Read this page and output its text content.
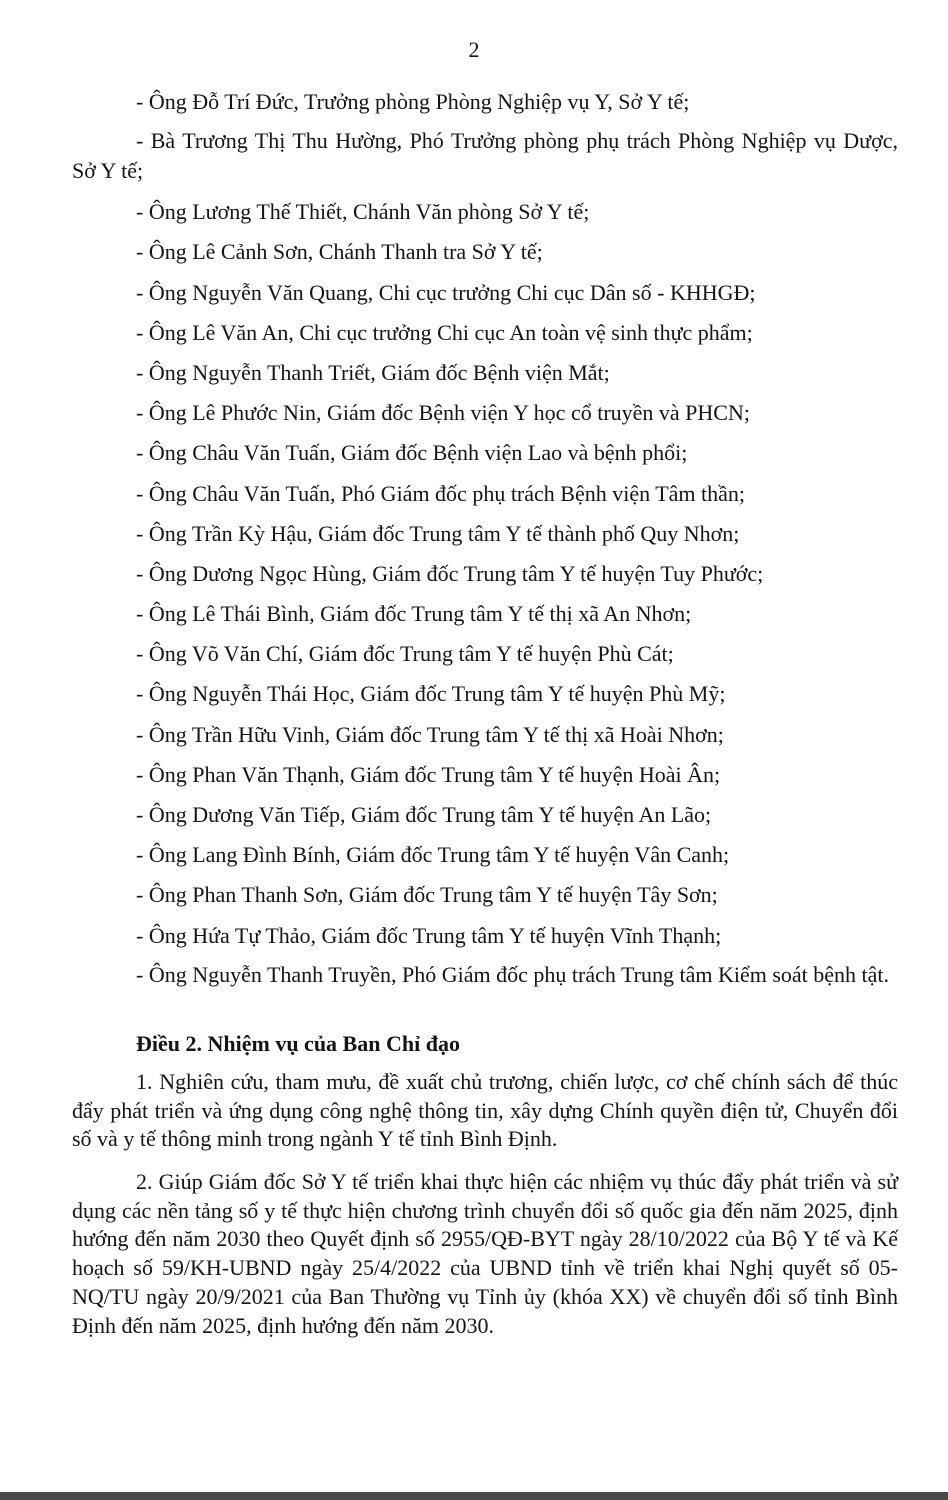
2

- Ông Đỗ Trí Đức, Trưởng phòng Phòng Nghiệp vụ Y, Sở Y tế;

- Bà Trương Thị Thu Hường, Phó Trưởng phòng phụ trách Phòng Nghiệp vụ Dược, Sở Y tế;

- Ông Lương Thế Thiết, Chánh Văn phòng Sở Y tế;

- Ông Lê Cảnh Sơn, Chánh Thanh tra Sở Y tế;

- Ông Nguyễn Văn Quang, Chi cục trưởng Chi cục Dân số - KHHGĐ;

- Ông Lê Văn An, Chi cục trưởng Chi cục An toàn vệ sinh thực phẩm;

- Ông Nguyễn Thanh Triết, Giám đốc Bệnh viện Mắt;

- Ông Lê Phước Nin, Giám đốc Bệnh viện Y học cổ truyền và PHCN;

- Ông Châu Văn Tuấn, Giám đốc Bệnh viện Lao và bệnh phổi;

- Ông Châu Văn Tuấn, Phó Giám đốc phụ trách Bệnh viện Tâm thần;

- Ông Trần Kỳ Hậu, Giám đốc Trung tâm Y tế thành phố Quy Nhơn;

- Ông Dương Ngọc Hùng, Giám đốc Trung tâm Y tế huyện Tuy Phước;

- Ông Lê Thái Bình, Giám đốc Trung tâm Y tế thị xã An Nhơn;

- Ông Võ Văn Chí, Giám đốc Trung tâm Y tế huyện Phù Cát;

- Ông Nguyễn Thái Học, Giám đốc Trung tâm Y tế huyện Phù Mỹ;

- Ông Trần Hữu Vinh, Giám đốc Trung tâm Y tế thị xã Hoài Nhơn;

- Ông Phan Văn Thạnh, Giám đốc Trung tâm Y tế huyện Hoài Ân;

- Ông Dương Văn Tiếp, Giám đốc Trung tâm Y tế huyện An Lão;

- Ông Lang Đình Bính, Giám đốc Trung tâm Y tế huyện Vân Canh;

- Ông Phan Thanh Sơn, Giám đốc Trung tâm Y tế huyện Tây Sơn;

- Ông Hứa Tự Thảo, Giám đốc Trung tâm Y tế huyện Vĩnh Thạnh;

- Ông Nguyễn Thanh Truyền, Phó Giám đốc phụ trách Trung tâm Kiểm soát bệnh tật.

Điều 2. Nhiệm vụ của Ban Chỉ đạo

1. Nghiên cứu, tham mưu, đề xuất chủ trương, chiến lược, cơ chế chính sách để thúc đẩy phát triển và ứng dụng công nghệ thông tin, xây dựng Chính quyền điện tử, Chuyển đổi số và y tế thông minh trong ngành Y tế tỉnh Bình Định.

2. Giúp Giám đốc Sở Y tế triển khai thực hiện các nhiệm vụ thúc đẩy phát triển và sử dụng các nền tảng số y tế thực hiện chương trình chuyển đổi số quốc gia đến năm 2025, định hướng đến năm 2030 theo Quyết định số 2955/QĐ-BYT ngày 28/10/2022 của Bộ Y tế và Kế hoạch số 59/KH-UBND ngày 25/4/2022 của UBND tỉnh về triển khai Nghị quyết số 05-NQ/TU ngày 20/9/2021 của Ban Thường vụ Tỉnh ủy (khóa XX) về chuyển đổi số tỉnh Bình Định đến năm 2025, định hướng đến năm 2030.
